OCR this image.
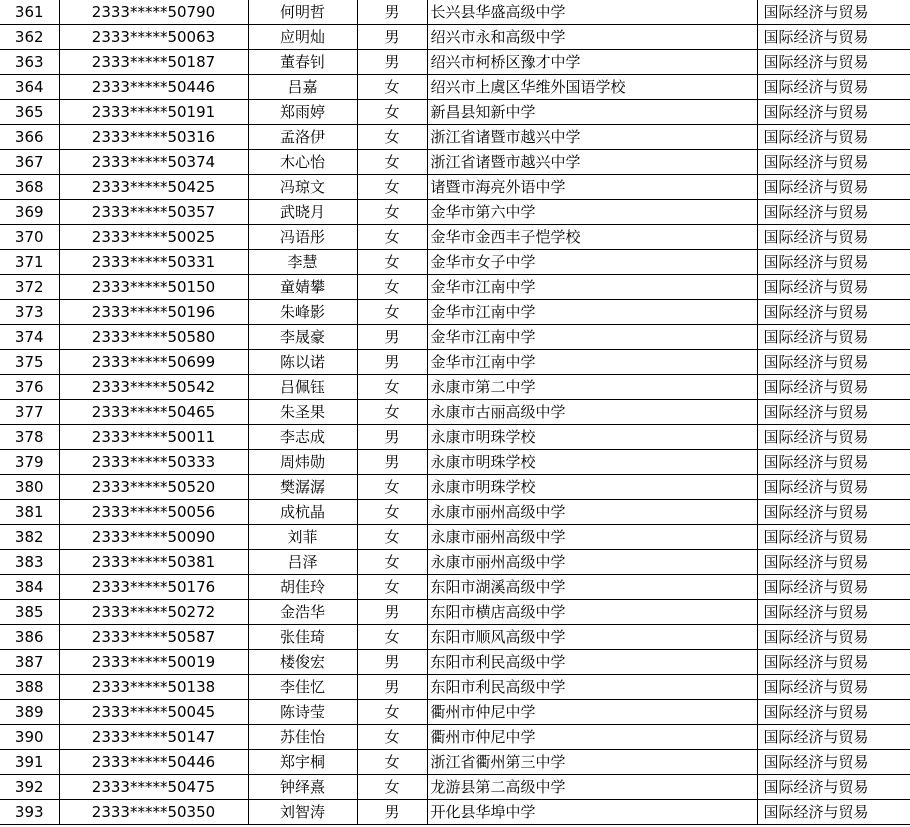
361	2333*****50790	何明哲	男	长兴县华盛高级中学	国际经济与贸易
362	2333*****50063	应明灿	男	绍兴市永和高级中学	国际经济与贸易
363	2333*****50187	董春钊	男	绍兴市柯桥区豫才中学	国际经济与贸易
364	2333*****50446	吕嘉	女	绍兴市上虞区华维外国语学校	国际经济与贸易
365	2333*****50191	郑雨婷	女	新昌县知新中学	国际经济与贸易
366	2333*****50316	孟洛伊	女	浙江省诸暨市越兴中学	国际经济与贸易
367	2333*****50374	木心怡	女	浙江省诸暨市越兴中学	国际经济与贸易
368	2333*****50425	冯琼文	女	诸暨市海亮外语中学	国际经济与贸易
369	2333*****50357	武晓月	女	金华市第六中学	国际经济与贸易
370	2333*****50025	冯语彤	女	金华市金西丰子恺学校	国际经济与贸易
371	2333*****50331	李慧	女	金华市女子中学	国际经济与贸易
372	2333*****50150	童婧攀	女	金华市江南中学	国际经济与贸易
373	2333*****50196	朱峰影	女	金华市江南中学	国际经济与贸易
374	2333*****50580	李晟豪	男	金华市江南中学	国际经济与贸易
375	2333*****50699	陈以诺	男	金华市江南中学	国际经济与贸易
376	2333*****50542	吕佩钰	女	永康市第二中学	国际经济与贸易
377	2333*****50465	朱圣果	女	永康市古丽高级中学	国际经济与贸易
378	2333*****50011	李志成	男	永康市明珠学校	国际经济与贸易
379	2333*****50333	周炜勋	男	永康市明珠学校	国际经济与贸易
380	2333*****50520	樊潺潺	女	永康市明珠学校	国际经济与贸易
381	2333*****50056	成杭晶	女	永康市丽州高级中学	国际经济与贸易
382	2333*****50090	刘菲	女	永康市丽州高级中学	国际经济与贸易
383	2333*****50381	吕泽	女	永康市丽州高级中学	国际经济与贸易
384	2333*****50176	胡佳玲	女	东阳市湖溪高级中学	国际经济与贸易
385	2333*****50272	金浩华	男	东阳市横店高级中学	国际经济与贸易
386	2333*****50587	张佳琦	女	东阳市顺风高级中学	国际经济与贸易
387	2333*****50019	楼俊宏	男	东阳市利民高级中学	国际经济与贸易
388	2333*****50138	李佳忆	男	东阳市利民高级中学	国际经济与贸易
389	2333*****50045	陈诗莹	女	衢州市仲尼中学	国际经济与贸易
390	2333*****50147	苏佳怡	女	衢州市仲尼中学	国际经济与贸易
391	2333*****50446	郑宇桐	女	浙江省衢州第三中学	国际经济与贸易
392	2333*****50475	钟绎熹	女	龙游县第二高级中学	国际经济与贸易
393	2333*****50350	刘智涛	男	开化县华埠中学	国际经济与贸易
